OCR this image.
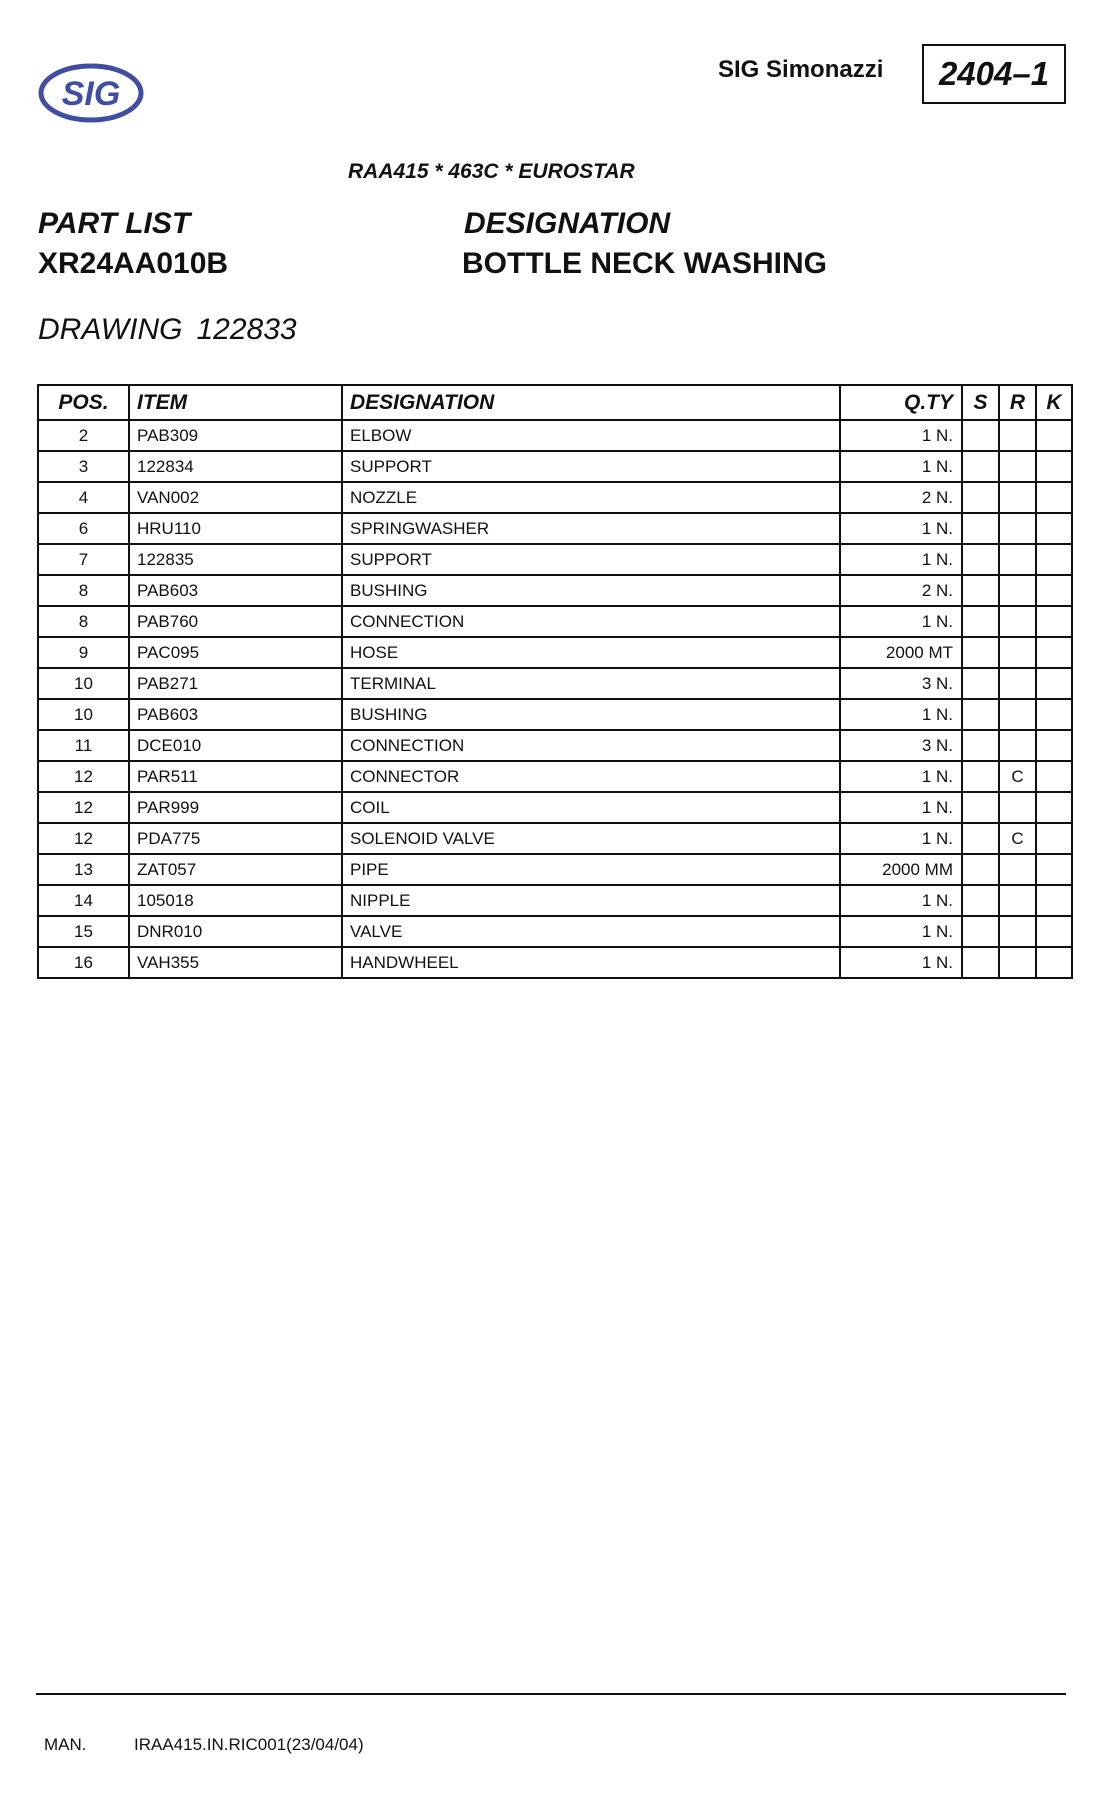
SIG
SIG Simonazzi	2404–1
RAA415 * 463C * EUROSTAR
PART LIST
XR24AA010B
DESIGNATION
BOTTLE NECK WASHING
DRAWING 122833
POS.	ITEM	DESIGNATION	Q.TY	S	R	K
2	PAB309	ELBOW	1 N.			
3	122834	SUPPORT	1 N.			
4	VAN002	NOZZLE	2 N.			
6	HRU110	SPRINGWASHER	1 N.			
7	122835	SUPPORT	1 N.			
8	PAB603	BUSHING	2 N.			
8	PAB760	CONNECTION	1 N.			
9	PAC095	HOSE	2000 MT			
10	PAB271	TERMINAL	3 N.			
10	PAB603	BUSHING	1 N.			
11	DCE010	CONNECTION	3 N.			
12	PAR511	CONNECTOR	1 N.		C	
12	PAR999	COIL	1 N.			
12	PDA775	SOLENOID VALVE	1 N.		C	
13	ZAT057	PIPE	2000 MM			
14	105018	NIPPLE	1 N.			
15	DNR010	VALVE	1 N.			
16	VAH355	HANDWHEEL	1 N.			
MAN.	IRAA415.IN.RIC001(23/04/04)
